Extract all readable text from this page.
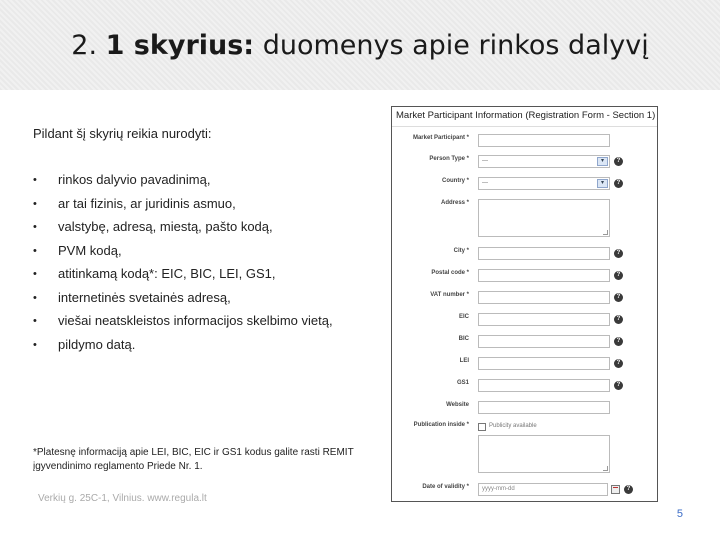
2. 1 skyrius: duomenys apie rinkos dalyvį
Pildant šį skyrių reikia nurodyti:
• rinkos dalyvio pavadinimą,
• ar tai fizinis, ar juridinis asmuo,
• valstybę, adresą, miestą, pašto kodą,
• PVM kodą,
• atitinkamą kodą*: EIC, BIC, LEI, GS1,
• internetinės svetainės adresą,
• viešai neatskleistos informacijos skelbimo vietą,
• pildymo datą.
*Platesnę informaciją apie LEI, BIC, EIC ir GS1 kodus galite rasti REMIT įgyvendinimo reglamento Priede Nr. 1.
Verkių g. 25C-1, Vilnius. www.regula.lt
5
Market Participant Information (Registration Form - Section 1)
Market Participant *
Person Type *	---	▾	?
Country *	---	▾	?
Address *
City *	?
Postal code *	?
VAT number *	?
EIC	?
BIC	?
LEI	?
GS1	?
Website
Publication inside *	Publicity available
Date of validity *	yyyy-mm-dd	?
